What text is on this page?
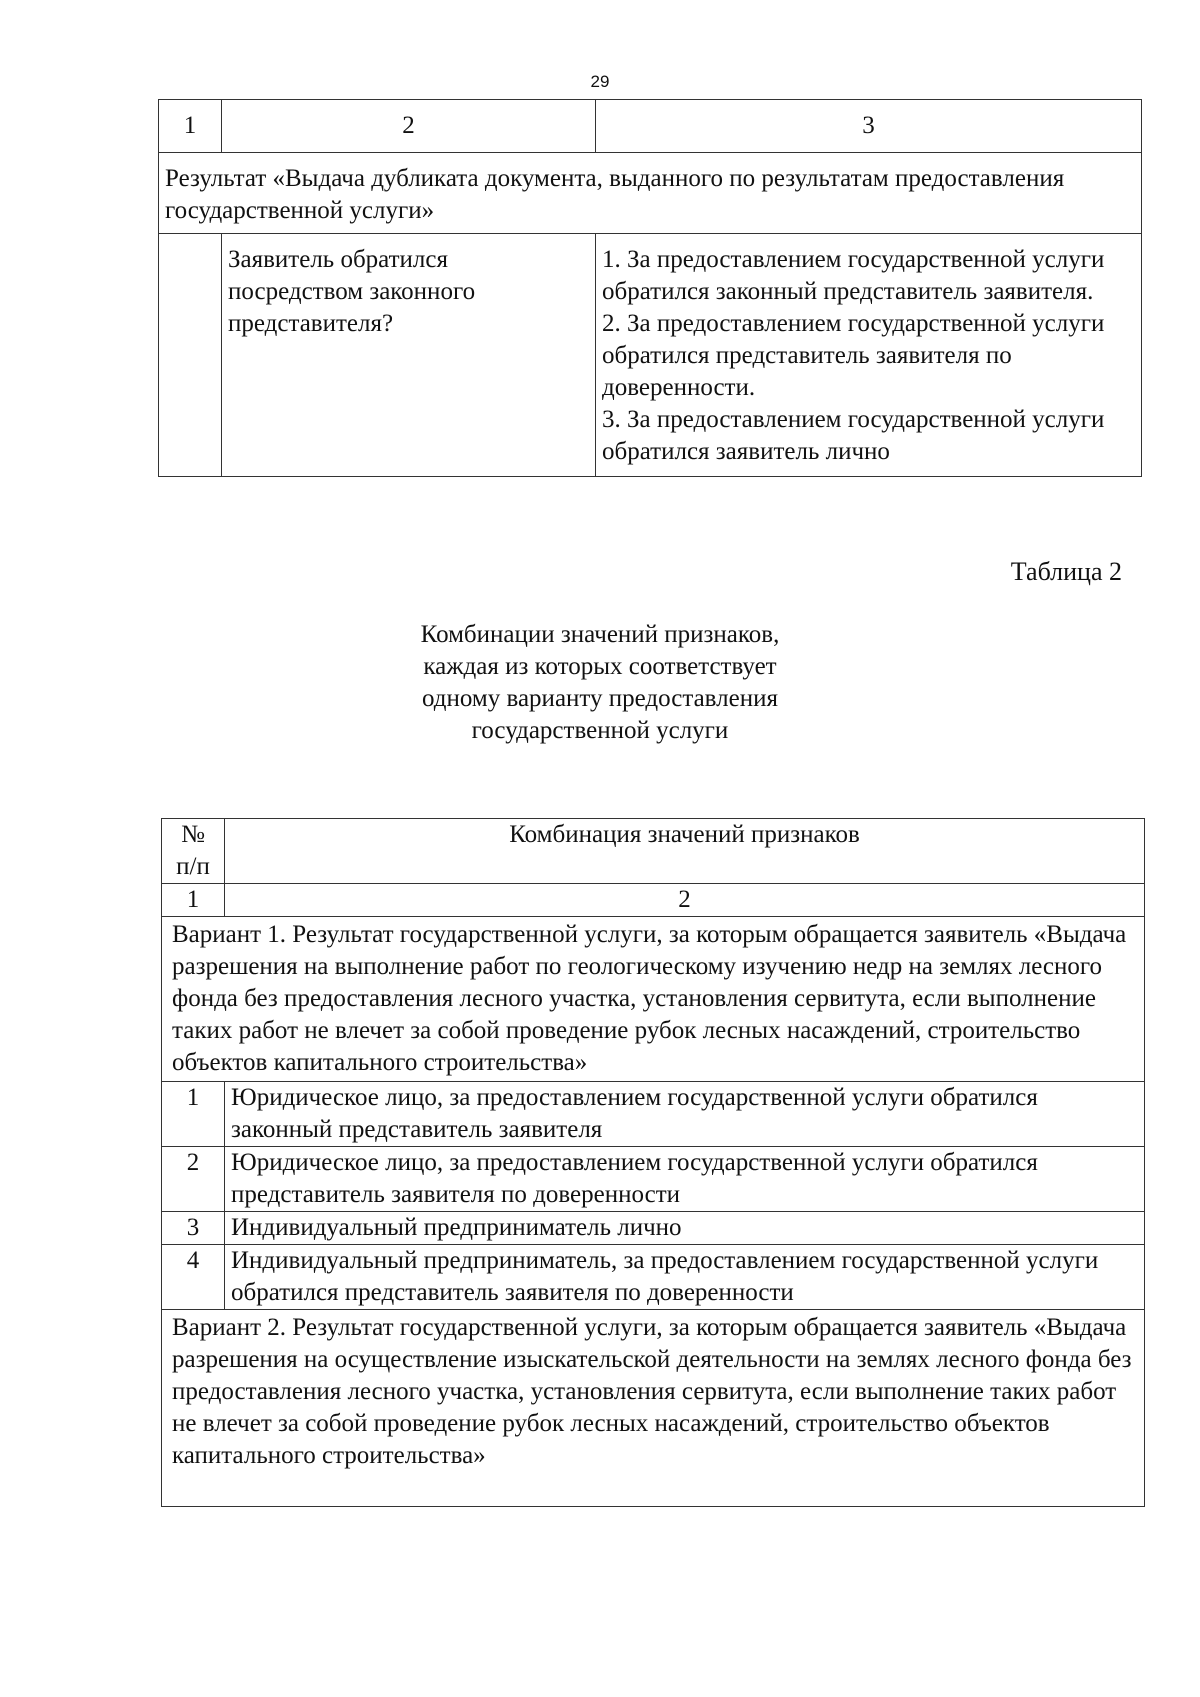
29
1	2	3
Результат «Выдача дубликата документа, выданного по результатам предоставления государственной услуги»		
	Заявитель обратился посредством законного представителя?	1. За предоставлением государственной услуги обратился законный представитель заявителя.
2. За предоставлением государственной услуги обратился представитель заявителя по доверенности.
3. За предоставлением государственной услуги обратился заявитель лично
Таблица 2
Комбинации значений признаков,
каждая из которых соответствует
одному варианту предоставления
государственной услуги
№ п/п	Комбинация значений признаков
1	2
Вариант 1. Результат государственной услуги, за которым обращается заявитель «Выдача разрешения на выполнение работ по геологическому изучению недр на землях лесного фонда без предоставления лесного участка, установления сервитута, если выполнение таких работ не влечет за собой проведение рубок лесных насаждений, строительство объектов капитального строительства»	
1	Юридическое лицо, за предоставлением государственной услуги обратился законный представитель заявителя
2	Юридическое лицо, за предоставлением государственной услуги обратился представитель заявителя по доверенности
3	Индивидуальный предприниматель лично
4	Индивидуальный предприниматель, за предоставлением государственной услуги обратился представитель заявителя по доверенности
Вариант 2. Результат государственной услуги, за которым обращается заявитель «Выдача разрешения на осуществление изыскательской деятельности на землях лесного фонда без предоставления лесного участка, установления сервитута, если выполнение таких работ не влечет за собой проведение рубок лесных насаждений, строительство объектов капитального строительства»	
